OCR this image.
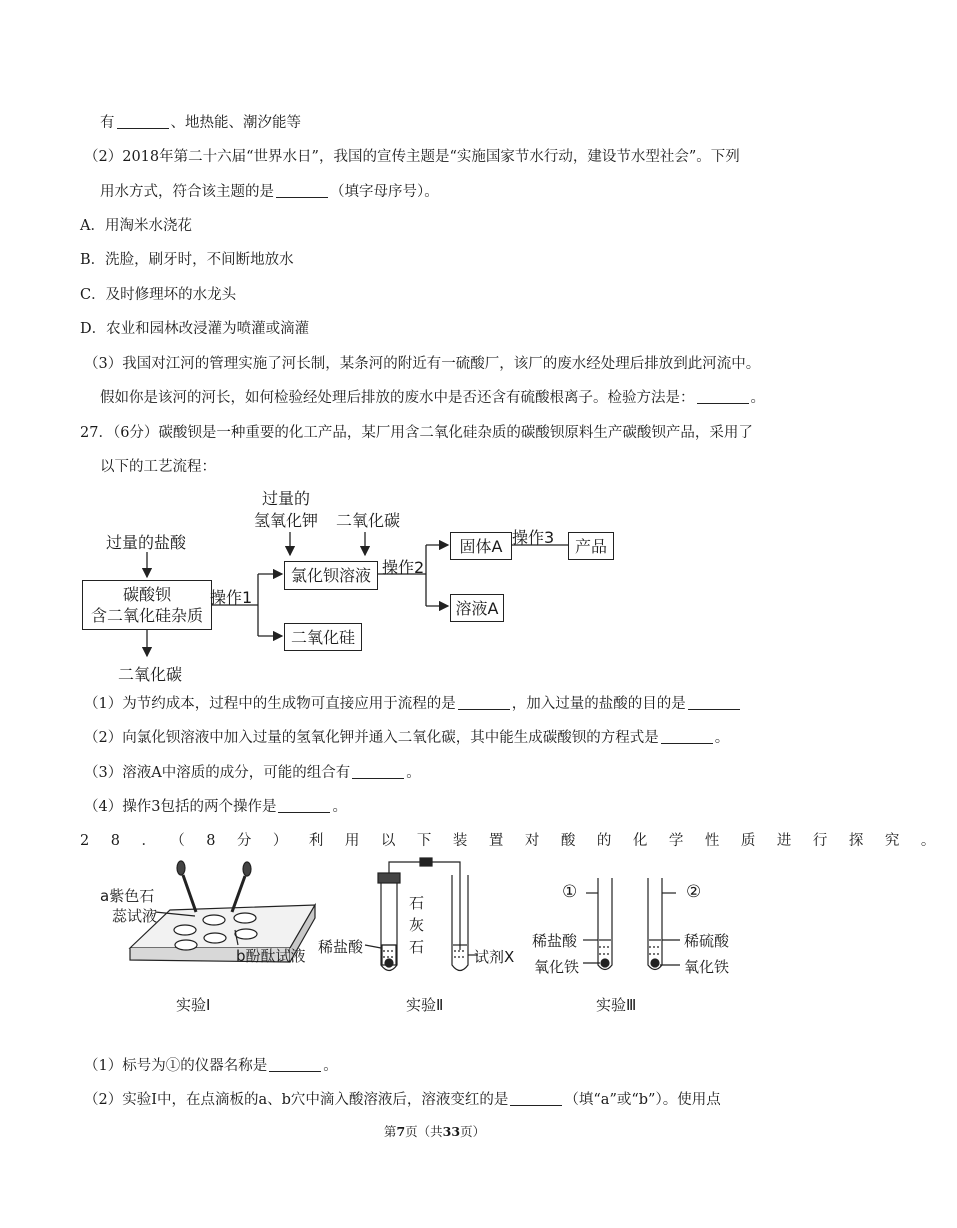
有	、地热能、潮汐能等
（2）2018年第二十六届“世界水日”，我国的宣传主题是“实施国家节水行动，建设节水型社会”。下列
用水方式，符合该主题的是	（填字母序号）。
A．用淘米水浇花
B．洗脸，刷牙时，不间断地放水
C．及时修理坏的水龙头
D．农业和园林改浸灌为喷灌或滴灌
（3）我国对江河的管理实施了河长制，某条河的附近有一硫酸厂，该厂的废水经处理后排放到此河流中。
假如你是该河的河长，如何检验经处理后排放的废水中是否还含有硫酸根离子。检验方法是：	。
27．（6分）碳酸钡是一种重要的化工产品，某厂用含二氧化硅杂质的碳酸钡原料生产碳酸钡产品，采用了
以下的工艺流程：
过量的盐酸
过量的
氢氧化钾 二氧化碳
碳酸钡
含二氧化硅杂质
操作1
氯化钡溶液 操作2
固体A 操作3	产品
溶液A
二氧化硅
二氧化碳
（1）为节约成本，过程中的生成物可直接应用于流程的是	，加入过量的盐酸的目的是
（2）向氯化钡溶液中加入过量的氢氧化钾并通入二氧化碳，其中能生成碳酸钡的方程式是	。
（3）溶液A中溶质的成分，可能的组合有	。
（4）操作3包括的两个操作是	。
28．（8分）利用以下装置对酸的化学性质进行探究。
a紫色石
蕊试液
b酚酞试液
实验Ⅰ
稀盐酸
石
灰
石
试剂X
实验Ⅱ
①	②
稀盐酸	稀硫酸
氧化铁	氧化铁
实验Ⅲ
（1）标号为①的仪器名称是	。
（2）实验Ⅰ中，在点滴板的a、b穴中滴入酸溶液后，溶液变红的是	（填“a”或“b”）。使用点
第7页（共33页）
